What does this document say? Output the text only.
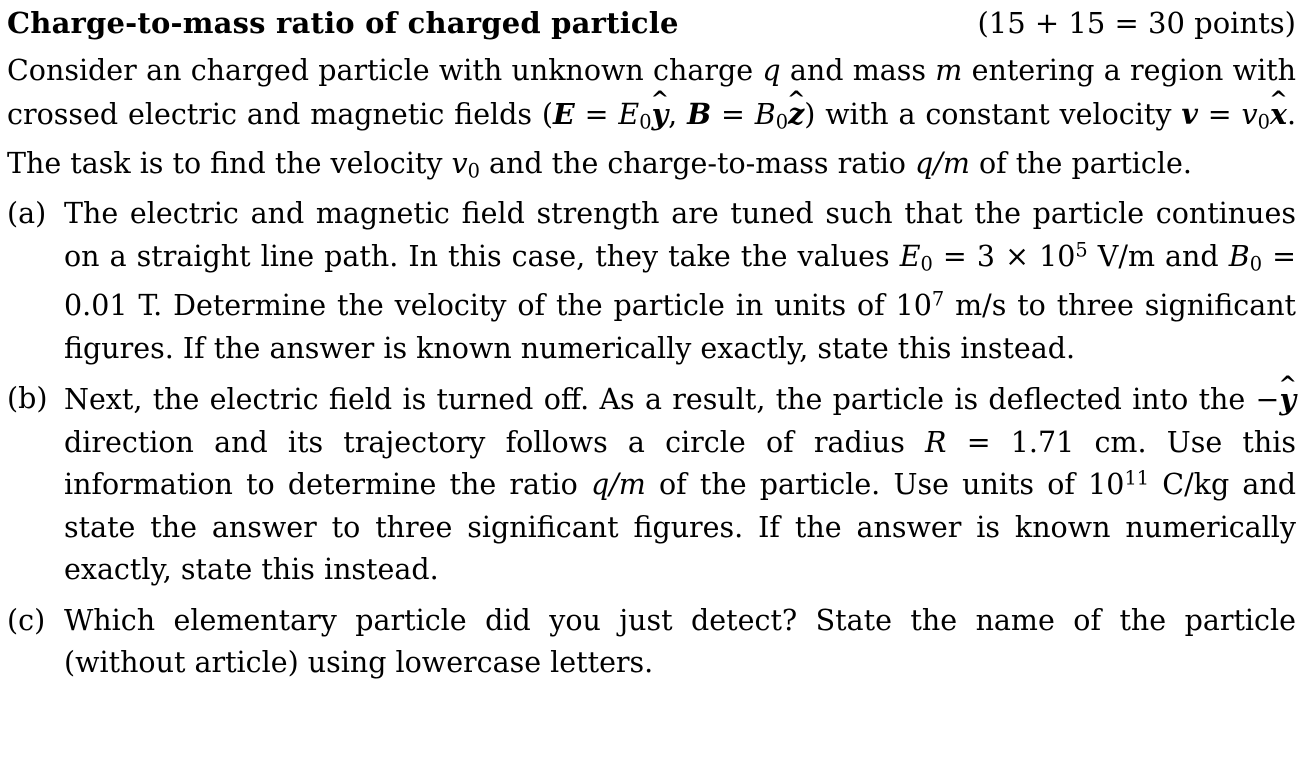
Charge-to-mass ratio of charged particle	(15 + 15 = 30 points)

Consider an charged particle with unknown charge q and mass m entering a region with crossed electric and magnetic fields ($E = E_0y$ ^, $B = B_0z$ ^) with a constant velocity $v = v_0x$ ^. The task is to find the velocity $v_0$ and the charge-to-mass ratio q/m of the particle.

(a) The electric and magnetic field strength are tuned such that the particle continues on a straight line path. In this case, they take the values $E_0 = 3 \times 10^5$ V/m and $B_0 = 0.01$ T. Determine the velocity of the particle in units of $10^7$ m/s to three significant figures. If the answer is known numerically exactly, state this instead.

(b) Next, the electric field is turned off. As a result, the particle is deflected into the −y ^ direction and its trajectory follows a circle of radius R = 1.71 cm. Use this information to determine the ratio q/m of the particle. Use units of $10^{11}$ C/kg and state the answer to three significant figures. If the answer is known numerically exactly, state this instead.

(c) Which elementary particle did you just detect? State the name of the particle (without article) using lowercase letters.
